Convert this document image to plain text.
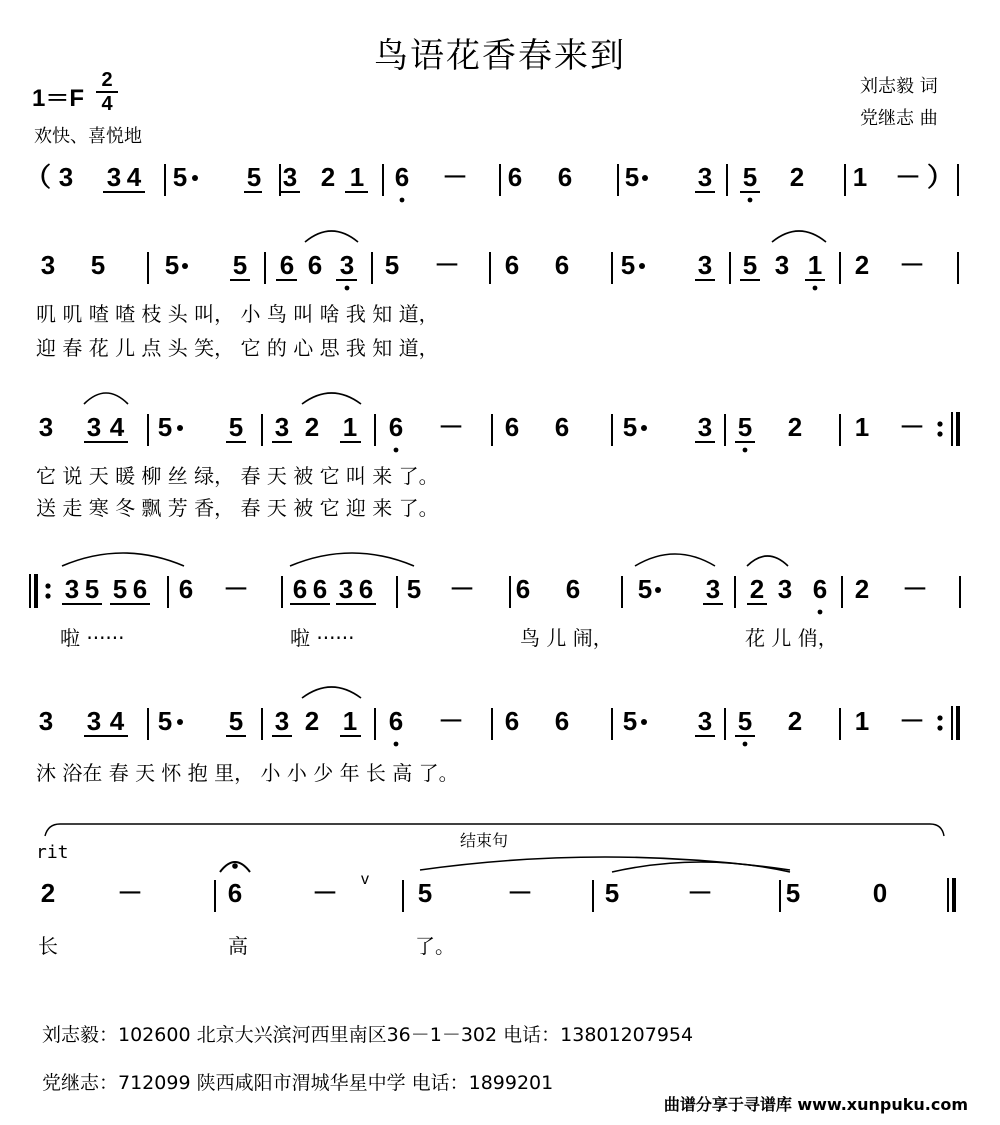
鸟语花香春来到
1＝F
2
4
欢快、喜悦地
刘志毅 词
党继志 曲
（ 3 3 4 5 5 3 2 1 6 － 6 6 5 3 5 2 1 － ）
3 5 5 5 6 6 3 5 － 6 6 5 3 5 3 1 2 －
3 3 4 5 5 3 2 1 6 － 6 6 5 3 5 2 1 －
3 5 5 6 6 － 6 6 3 6 5 － 6 6 5 3 2 3 6 2 －
3 3 4 5 5 3 2 1 6 － 6 6 5 3 5 2 1 －
2 －	6	－ v 5	－	5	－	5	0
叽 叽 喳 喳 枝 头 叫， 小 鸟 叫 啥 我 知 道，
迎 春 花 儿 点 头 笑， 它 的 心 思 我 知 道，
它 说 天 暖 柳 丝 绿， 春 天 被 它 叫 来 了。
送 走 寒 冬 飘 芳 香， 春 天 被 它 迎 来 了。
啦 ······	啦 ······	鸟 儿 闹，	花 儿 俏，
沐 浴在 春 天 怀 抱 里， 小 小 少 年 长 高 了。
长	高	了。
rit
结束句
刘志毅：102600 北京大兴滨河西里南区36－1－302 电话：13801207954
党继志：712099 陕西咸阳市渭城华星中学 电话：1899201
曲谱分享于寻谱库 www.xunpuku.com
